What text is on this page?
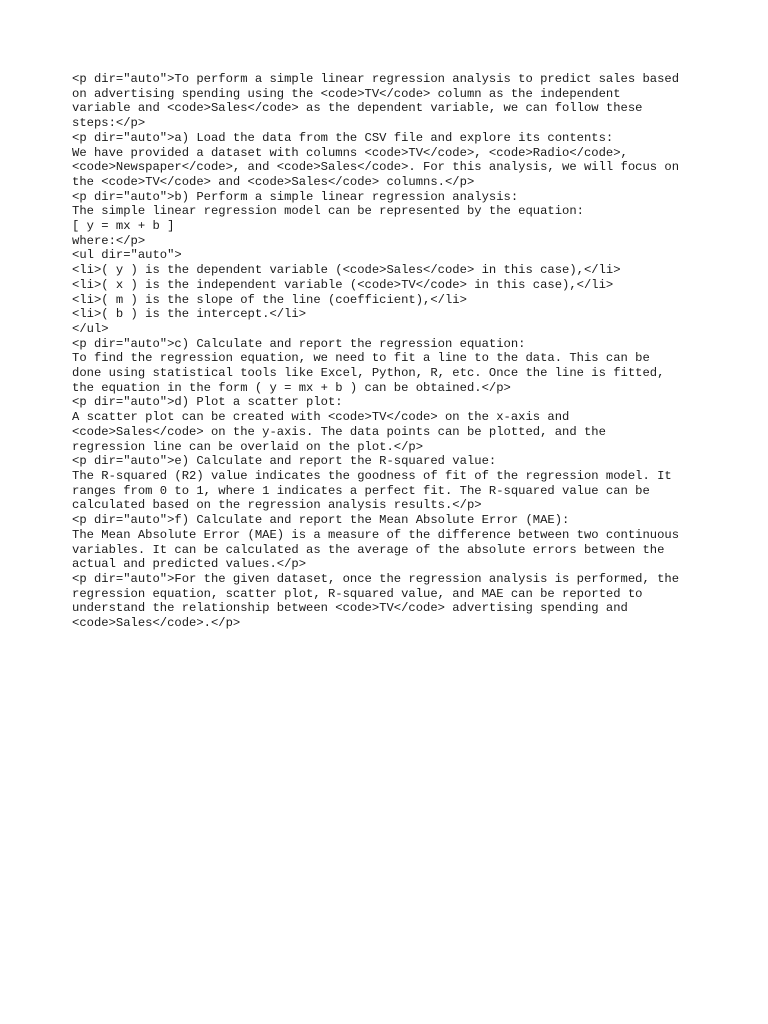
<p dir="auto">To perform a simple linear regression analysis to predict sales based
on advertising spending using the <code>TV</code> column as the independent
variable and <code>Sales</code> as the dependent variable, we can follow these
steps:</p>
<p dir="auto">a) Load the data from the CSV file and explore its contents:
We have provided a dataset with columns <code>TV</code>, <code>Radio</code>,
<code>Newspaper</code>, and <code>Sales</code>. For this analysis, we will focus on
the <code>TV</code> and <code>Sales</code> columns.</p>
<p dir="auto">b) Perform a simple linear regression analysis:
The simple linear regression model can be represented by the equation:
[ y = mx + b ]
where:</p>
<ul dir="auto">
<li>( y ) is the dependent variable (<code>Sales</code> in this case),</li>
<li>( x ) is the independent variable (<code>TV</code> in this case),</li>
<li>( m ) is the slope of the line (coefficient),</li>
<li>( b ) is the intercept.</li>
</ul>
<p dir="auto">c) Calculate and report the regression equation:
To find the regression equation, we need to fit a line to the data. This can be
done using statistical tools like Excel, Python, R, etc. Once the line is fitted,
the equation in the form ( y = mx + b ) can be obtained.</p>
<p dir="auto">d) Plot a scatter plot:
A scatter plot can be created with <code>TV</code> on the x-axis and
<code>Sales</code> on the y-axis. The data points can be plotted, and the
regression line can be overlaid on the plot.</p>
<p dir="auto">e) Calculate and report the R-squared value:
The R-squared (R2) value indicates the goodness of fit of the regression model. It
ranges from 0 to 1, where 1 indicates a perfect fit. The R-squared value can be
calculated based on the regression analysis results.</p>
<p dir="auto">f) Calculate and report the Mean Absolute Error (MAE):
The Mean Absolute Error (MAE) is a measure of the difference between two continuous
variables. It can be calculated as the average of the absolute errors between the
actual and predicted values.</p>
<p dir="auto">For the given dataset, once the regression analysis is performed, the
regression equation, scatter plot, R-squared value, and MAE can be reported to
understand the relationship between <code>TV</code> advertising spending and
<code>Sales</code>.</p>
